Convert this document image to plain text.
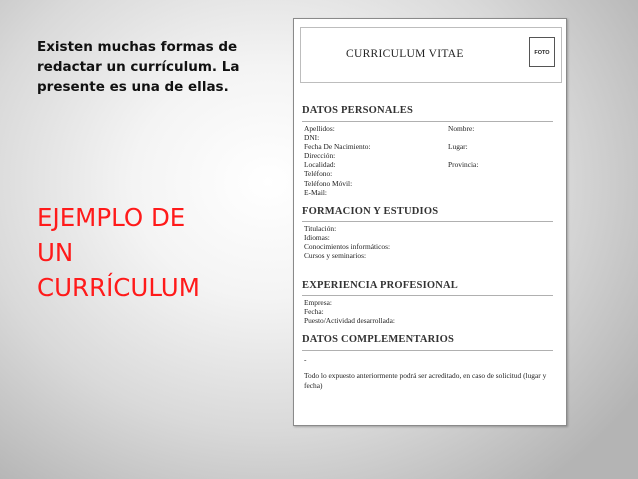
Existen muchas formas de redactar un currículum. La presente es una de ellas.

EJEMPLO DE
UN
CURRÍCULUM
CURRICULUM VITAE	FOTO
DATOS PERSONALES
Apellidos:
DNI:
Fecha De Nacimiento:
Dirección:
Localidad:
Teléfono:
Teléfono Móvil:
E-Mail:
Nombre:
Lugar:
Provincia:
FORMACION Y ESTUDIOS
Titulación:
Idiomas:
Conocimientos informáticos:
Cursos y seminarios:
EXPERIENCIA PROFESIONAL
Empresa:
Fecha:
Puesto/Actividad desarrollada:
DATOS COMPLEMENTARIOS
-
Todo lo expuesto anteriormente podrá ser acreditado, en caso de solicitud (lugar y fecha)
